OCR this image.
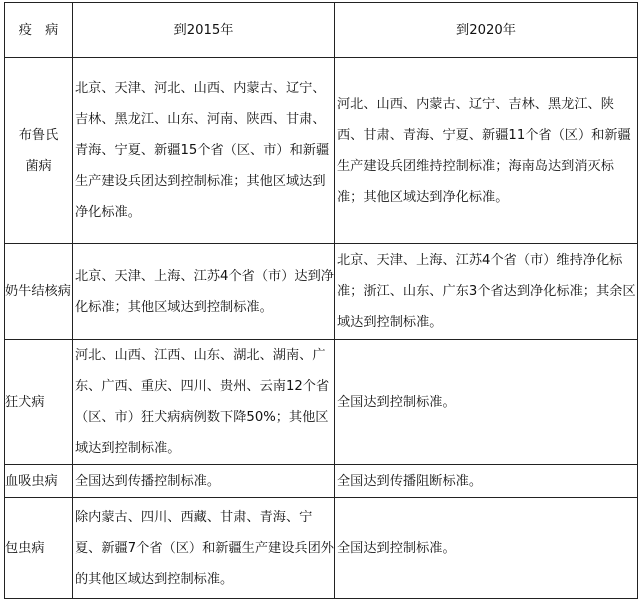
疫　病	到2015年	到2020年

布鲁氏菌病	北京、天津、河北、山西、内蒙古、辽宁、吉林、黑龙江、山东、河南、陕西、甘肃、青海、宁夏、新疆15个省（区、市）和新疆生产建设兵团达到控制标准；其他区域达到净化标准。	河北、山西、内蒙古、辽宁、吉林、黑龙江、陕西、甘肃、青海、宁夏、新疆11个省（区）和新疆生产建设兵团维持控制标准；海南岛达到消灭标准；其他区域达到净化标准。

奶牛结核病	北京、天津、上海、江苏4个省（市）达到净化标准；其他区域达到控制标准。	北京、天津、上海、江苏4个省（市）维持净化标准；浙江、山东、广东3个省达到净化标准；其余区域达到控制标准。

狂犬病	河北、山西、江西、山东、湖北、湖南、广东、广西、重庆、四川、贵州、云南12个省（区、市）狂犬病病例数下降50%；其他区域达到控制标准。	全国达到控制标准。

血吸虫病	全国达到传播控制标准。	全国达到传播阻断标准。

包虫病	除内蒙古、四川、西藏、甘肃、青海、宁夏、新疆7个省（区）和新疆生产建设兵团外的其他区域达到控制标准。	全国达到控制标准。
